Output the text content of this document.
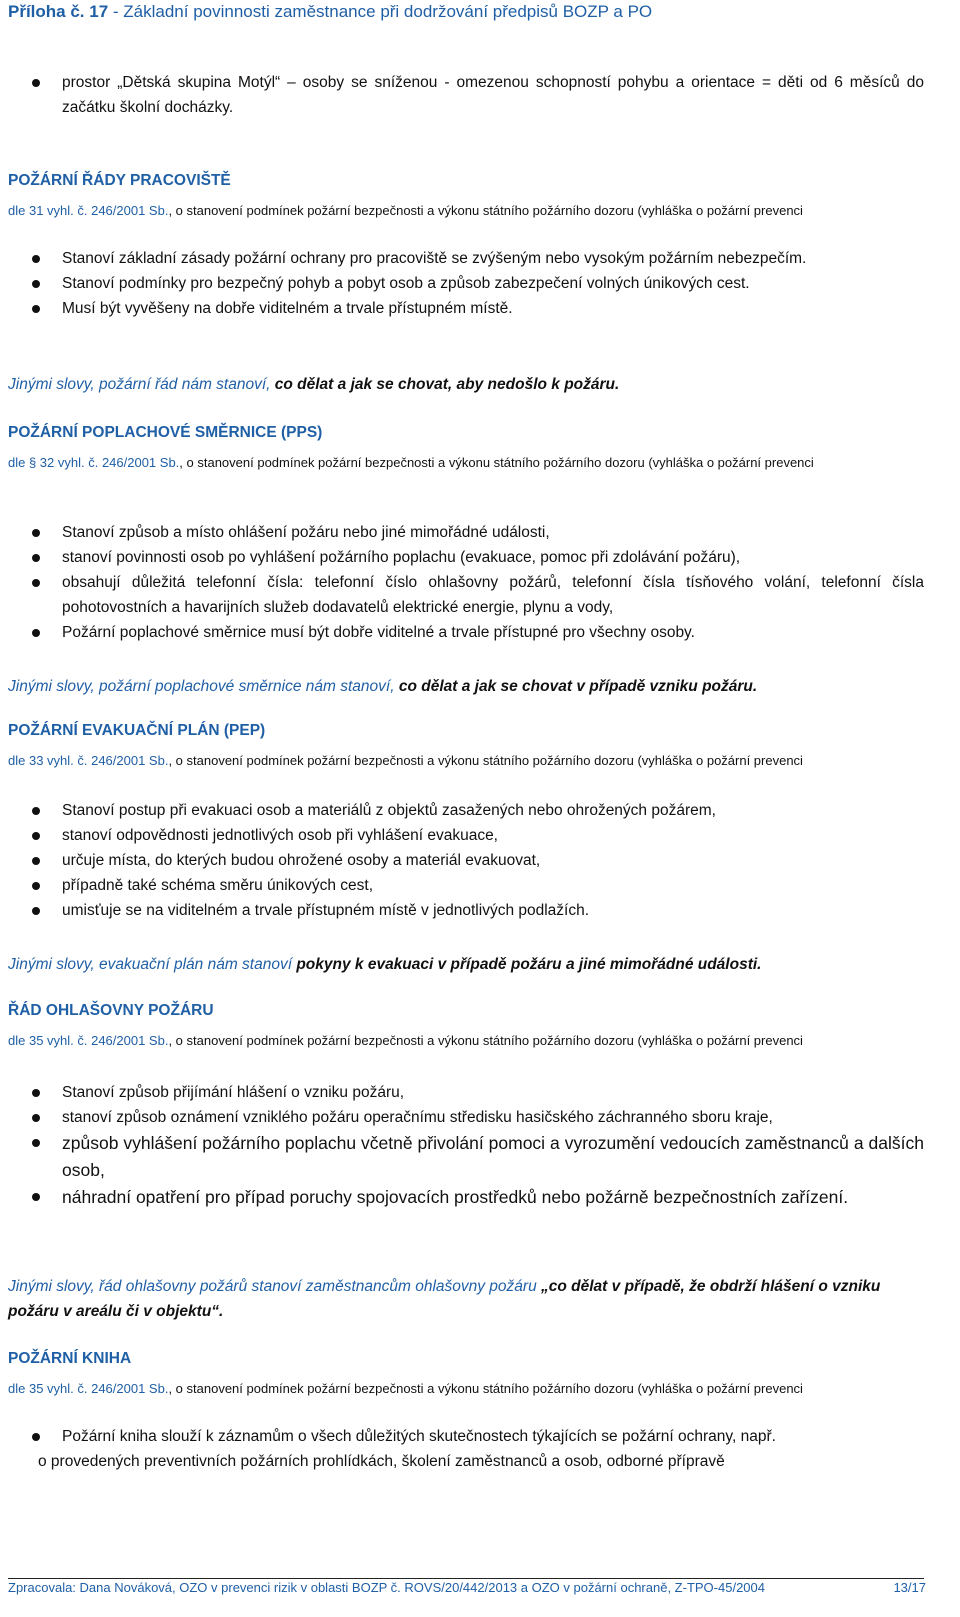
Příloha č. 17 - Základní povinnosti zaměstnance při dodržování předpisů BOZP a PO
prostor „Dětská skupina Motýl“ – osoby se sníženou - omezenou schopností pohybu a orientace = děti od 6 měsíců do začátku školní docházky.
POŽÁRNÍ ŘÁDY PRACOVIŠTĚ
dle 31 vyhl. č. 246/2001 Sb., o stanovení podmínek požární bezpečnosti a výkonu státního požárního dozoru (vyhláška o požární prevenci
Stanoví základní zásady požární ochrany pro pracoviště se zvýšeným nebo vysokým požárním nebezpečím.
Stanoví podmínky pro bezpečný pohyb a pobyt osob a způsob zabezpečení volných únikových cest.
Musí být vyvěšeny na dobře viditelném a trvale přístupném místě.
Jinými slovy, požární řád nám stanoví, co dělat a jak se chovat, aby nedošlo k požáru.
POŽÁRNÍ POPLACHOVÉ SMĚRNICE (PPS)
dle § 32 vyhl. č. 246/2001 Sb., o stanovení podmínek požární bezpečnosti a výkonu státního požárního dozoru (vyhláška o požární prevenci
Stanoví způsob a místo ohlášení požáru nebo jiné mimořádné události,
stanoví povinnosti osob po vyhlášení požárního poplachu (evakuace, pomoc při zdolávání požáru),
obsahují důležitá telefonní čísla: telefonní číslo ohlašovny požárů, telefonní čísla tísňového volání, telefonní čísla pohotovostních a havarijních služeb dodavatelů elektrické energie, plynu a vody,
Požární poplachové směrnice musí být dobře viditelné a trvale přístupné pro všechny osoby.
Jinými slovy, požární poplachové směrnice nám stanoví, co dělat a jak se chovat v případě vzniku požáru.
POŽÁRNÍ EVAKUAČNÍ PLÁN (PEP)
dle 33 vyhl. č. 246/2001 Sb., o stanovení podmínek požární bezpečnosti a výkonu státního požárního dozoru (vyhláška o požární prevenci
Stanoví postup při evakuaci osob a materiálů z objektů zasažených nebo ohrožených požárem,
stanoví odpovědnosti jednotlivých osob při vyhlášení evakuace,
určuje místa, do kterých budou ohrožené osoby a materiál evakuovat,
případně také schéma směru únikových cest,
umisťuje se na viditelném a trvale přístupném místě v jednotlivých podlažích.
Jinými slovy, evakuační plán nám stanoví pokyny k evakuaci v případě požáru a jiné mimořádné události.
ŘÁD OHLAŠOVNY POŽÁRU
dle 35 vyhl. č. 246/2001 Sb., o stanovení podmínek požární bezpečnosti a výkonu státního požárního dozoru (vyhláška o požární prevenci
Stanoví způsob přijímání hlášení o vzniku požáru,
stanoví způsob oznámení vzniklého požáru operačnímu středisku hasičského záchranného sboru kraje,
způsob vyhlášení požárního poplachu včetně přivolání pomoci a vyrozumění vedoucích zaměstnanců a dalších osob,
náhradní opatření pro případ poruchy spojovacích prostředků nebo požárně bezpečnostních zařízení.
Jinými slovy, řád ohlašovny požárů stanoví zaměstnancům ohlašovny požáru „co dělat v případě, že obdrží hlášení o vzniku požáru v areálu či v objektu“.
POŽÁRNÍ KNIHA
dle 35 vyhl. č. 246/2001 Sb., o stanovení podmínek požární bezpečnosti a výkonu státního požárního dozoru (vyhláška o požární prevenci
Požární kniha slouží k záznamům o všech důležitých skutečnostech týkajících se požární ochrany, např.
o provedených preventivních požárních prohlídkách, školení zaměstnanců a osob, odborné přípravě
Zpracovala: Dana Nováková, OZO v prevenci rizik v oblasti BOZP č. ROVS/20/442/2013 a OZO v požární ochraně, Z-TPO-45/2004	13/17
